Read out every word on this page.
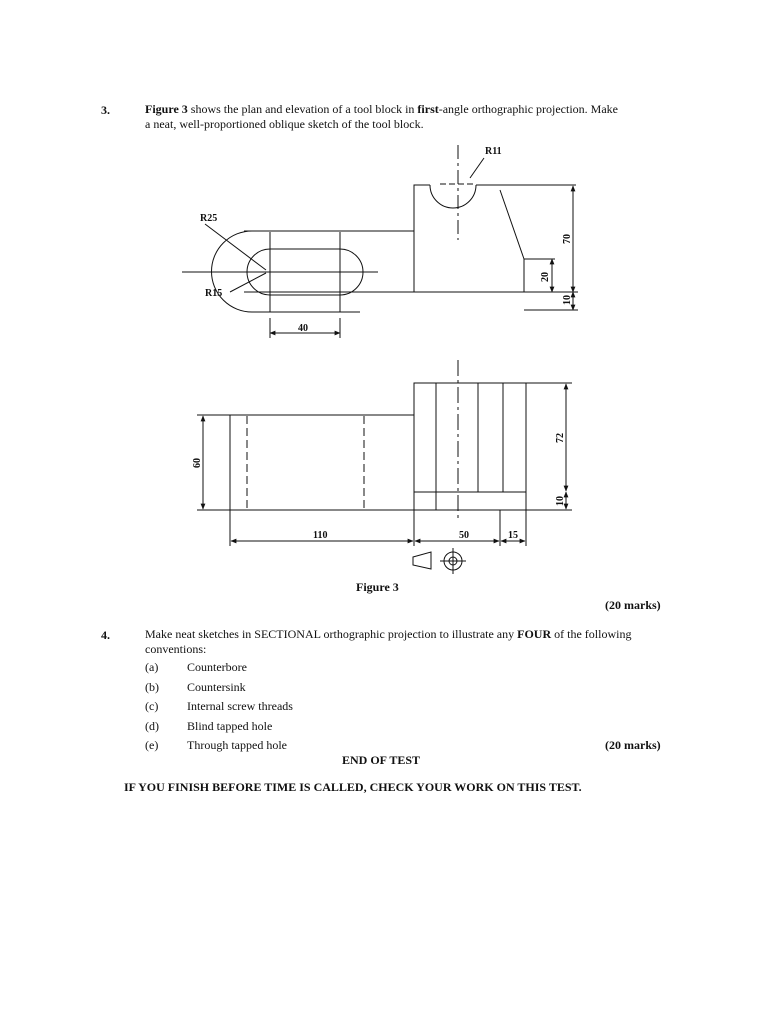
3.	Figure 3 shows the plan and elevation of a tool block in first-angle orthographic projection. Make
a neat, well-proportioned oblique sketch of the tool block.
R11
R25
R15
40
70
20
10
60
72
10
110	50	15
Figure 3
(20 marks)
4.	Make neat sketches in SECTIONAL orthographic projection to illustrate any FOUR of the following
conventions:
(a) Counterbore
(b) Countersink
(c) Internal screw threads
(d) Blind tapped hole
(e) Through tapped hole	(20 marks)
END OF TEST
IF YOU FINISH BEFORE TIME IS CALLED, CHECK YOUR WORK ON THIS TEST.
